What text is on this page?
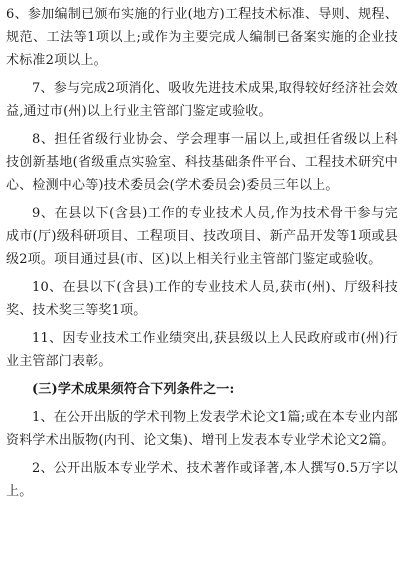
6、参加编制已颁布实施的行业(地方)工程技术标准、导则、规程、规范、工法等1项以上;或作为主要完成人编制已备案实施的企业技术标准2项以上。

7、参与完成2项消化、吸收先进技术成果,取得较好经济社会效益,通过市(州)以上行业主管部门鉴定或验收。

8、担任省级行业协会、学会理事一届以上,或担任省级以上科技创新基地(省级重点实验室、科技基础条件平台、工程技术研究中心、检测中心等)技术委员会(学术委员会)委员三年以上。

9、在县以下(含县)工作的专业技术人员,作为技术骨干参与完成市(厅)级科研项目、工程项目、技改项目、新产品开发等1项或县级2项。项目通过县(市、区)以上相关行业主管部门鉴定或验收。

10、在县以下(含县)工作的专业技术人员,获市(州)、厅级科技奖、技术奖三等奖1项。

11、因专业技术工作业绩突出,获县级以上人民政府或市(州)行业主管部门表彰。

(三)学术成果须符合下列条件之一:

1、在公开出版的学术刊物上发表学术论文1篇;或在本专业内部资料学术出版物(内刊、论文集)、增刊上发表本专业学术论文2篇。

2、公开出版本专业学术、技术著作或译著,本人撰写0.5万字以上。
